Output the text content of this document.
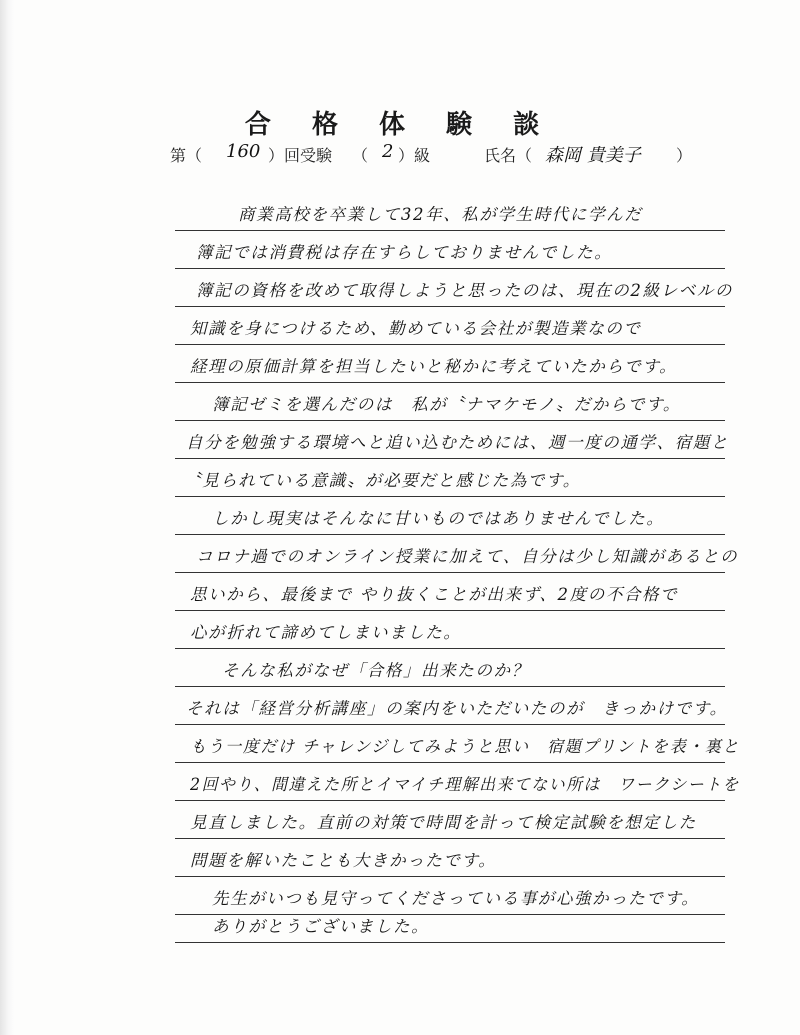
合 格 体 験 談
第（ 160 ）回受験 （ 2 ）級	氏名（ 森岡 貴美子 ）
商業高校を卒業して32年、私が学生時代に学んだ
簿記では消費税は存在すらしておりませんでした。
簿記の資格を改めて取得しようと思ったのは、現在の2級レベルの
知識を身につけるため、勤めている会社が製造業なので
経理の原価計算を担当したいと秘かに考えていたからです。
簿記ゼミを選んだのは　私が〝ナマケモノ〟だからです。
自分を勉強する環境へと追い込むためには、週一度の通学、宿題と
〝見られている意識〟が必要だと感じた為です。
しかし現実はそんなに甘いものではありませんでした。
コロナ過でのオンライン授業に加えて、自分は少し知識があるとの
思いから、最後まで やり抜くことが出来ず、2度の不合格で
心が折れて諦めてしまいました。
そんな私がなぜ「合格」出来たのか？
それは「経営分析講座」の案内をいただいたのが　きっかけです。
もう一度だけ チャレンジしてみようと思い　宿題プリントを表・裏と
2回やり、間違えた所とイマイチ理解出来てない所は　ワークシートを
見直しました。直前の対策で時間を計って検定試験を想定した
問題を解いたことも大きかったです。
先生がいつも見守ってくださっている事が心強かったです。
ありがとうございました。
